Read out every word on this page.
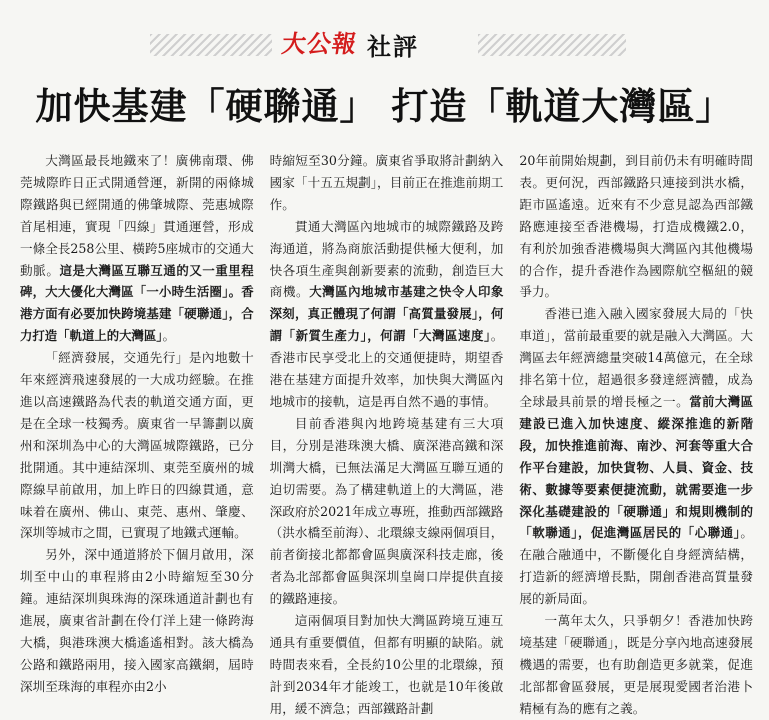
大公報 社評
加快基建「硬聯通」 打造「軌道大灣區」

大灣區最長地鐵來了！廣佛南環、佛莞城際昨日正式開通營運，新開的兩條城際鐵路與已經開通的佛肇城際、莞惠城際首尾相連，實現「四線」貫通運營，形成一條全長258公里、橫跨5座城市的交通大動脈。這是大灣區互聯互通的又一重里程碑，大大優化大灣區「一小時生活圈」。香港方面有必要加快跨境基建「硬聯通」，合力打造「軌道上的大灣區」。

「經濟發展，交通先行」是內地數十年來經濟飛速發展的一大成功經驗。在推進以高速鐵路為代表的軌道交通方面，更是在全球一枝獨秀。廣東省一早籌劃以廣州和深圳為中心的大灣區城際鐵路，已分批開通。其中連結深圳、東莞至廣州的城際線早前啟用，加上昨日的四線貫通，意味着在廣州、佛山、東莞、惠州、肇慶、深圳等城市之間，已實現了地鐵式運輸。

另外，深中通道將於下個月啟用，深圳至中山的車程將由2小時縮短至30分鐘。連結深圳與珠海的深珠通道計劃也有進展，廣東省計劃在伶仃洋上建一條跨海大橋，與港珠澳大橋遙遙相對。該大橋為公路和鐵路兩用，接入國家高鐵網，屆時深圳至珠海的車程亦由2小

時縮短至30分鐘。廣東省爭取將計劃納入國家「十五五規劃」，目前正在推進前期工作。

貫通大灣區內地城市的城際鐵路及跨海通道，將為商旅活動提供極大便利，加快各項生產與創新要素的流動，創造巨大商機。大灣區內地城市基建之快令人印象深刻，真正體現了何謂「高質量發展」，何謂「新質生產力」，何謂「大灣區速度」。香港市民享受北上的交通便捷時，期望香港在基建方面提升效率，加快與大灣區內地城市的接軌，這是再自然不過的事情。

目前香港與內地跨境基建有三大項目，分別是港珠澳大橋、廣深港高鐵和深圳灣大橋，已無法滿足大灣區互聯互通的迫切需要。為了構建軌道上的大灣區，港深政府於2021年成立專班，推動西部鐵路（洪水橋至前海）、北環線支線兩個項目，前者銜接北都都會區與廣深科技走廊，後者為北部都會區與深圳皇崗口岸提供直接的鐵路連接。

這兩個項目對加快大灣區跨境互連互通具有重要價值，但都有明顯的缺陷。就時間表來看，全長約10公里的北環線，預計到2034年才能竣工，也就是10年後啟用，緩不濟急；西部鐵路計劃

20年前開始規劃，到目前仍未有明確時間表。更何況，西部鐵路只連接到洪水橋，距市區遙遠。近來有不少意見認為西部鐵路應連接至香港機場，打造成機鐵2.0，有利於加強香港機場與大灣區內其他機場的合作，提升香港作為國際航空樞紐的競爭力。

香港已進入融入國家發展大局的「快車道」，當前最重要的就是融入大灣區。大灣區去年經濟總量突破14萬億元，在全球排名第十位，超過很多發達經濟體，成為全球最具前景的增長極之一。當前大灣區建設已進入加快速度、縱深推進的新階段，加快推進前海、南沙、河套等重大合作平台建設，加快貨物、人員、資金、技術、數據等要素便捷流動，就需要進一步深化基礎建設的「硬聯通」和規則機制的「軟聯通」，促進灣區居民的「心聯通」。在融合融通中，不斷優化自身經濟結構，打造新的經濟增長點，開創香港高質量發展的新局面。

一萬年太久，只爭朝夕！香港加快跨境基建「硬聯通」，既是分享內地高速發展機遇的需要，也有助創造更多就業，促進北部都會區發展，更是展現愛國者治港卜精極有為的應有之義。
